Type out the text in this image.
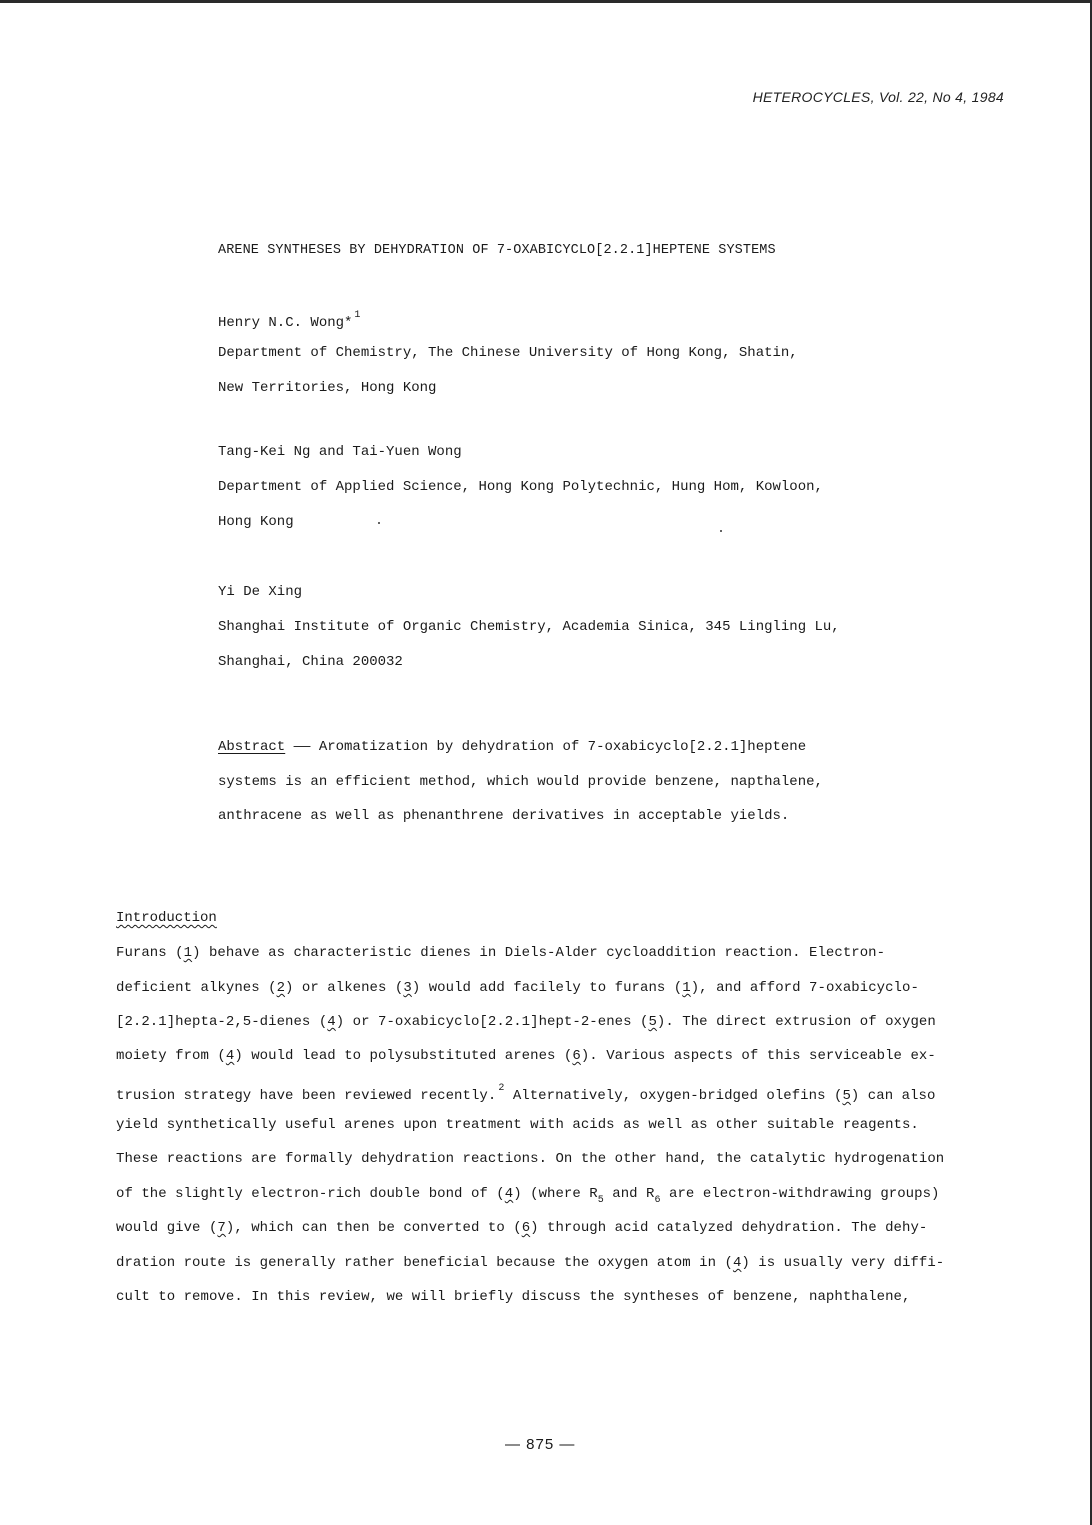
HETEROCYCLES, Vol. 22, No 4, 1984
ARENE SYNTHESES BY DEHYDRATION OF 7-OXABICYCLO[2.2.1]HEPTENE SYSTEMS
Henry N.C. Wong* $^1$
Department of Chemistry, The Chinese University of Hong Kong, Shatin,
New Territories, Hong Kong
Tang-Kei Ng and Tai-Yuen Wong
Department of Applied Science, Hong Kong Polytechnic, Hung Hom, Kowloon,
Hong Kong
Yi De Xing
Shanghai Institute of Organic Chemistry, Academia Sinica, 345 Lingling Lu,
Shanghai, China 200032
Abstract —— Aromatization by dehydration of 7-oxabicyclo[2.2.1]heptene
systems is an efficient method, which would provide benzene, napthalene,
anthracene as well as phenanthrene derivatives in acceptable yields.
Introduction
Furans (1) behave as characteristic dienes in Diels-Alder cycloaddition reaction. Electron-
deficient alkynes (2) or alkenes (3) would add facilely to furans (1), and afford 7-oxabicyclo-
[2.2.1]hepta-2,5-dienes (4) or 7-oxabicyclo[2.2.1]hept-2-enes (5). The direct extrusion of oxygen
moiety from (4) would lead to polysubstituted arenes (6). Various aspects of this serviceable ex-
trusion strategy have been reviewed recently. $^2$ Alternatively, oxygen-bridged olefins (5) can also
yield synthetically useful arenes upon treatment with acids as well as other suitable reagents.
These reactions are formally dehydration reactions. On the other hand, the catalytic hydrogenation
of the slightly electron-rich double bond of (4) (where $R_5$ and $R_6$ are electron-withdrawing groups)
would give (7), which can then be converted to (6) through acid catalyzed dehydration. The dehy-
dration route is generally rather beneficial because the oxygen atom in (4) is usually very diffi-
cult to remove. In this review, we will briefly discuss the syntheses of benzene, naphthalene,
— 875 —
